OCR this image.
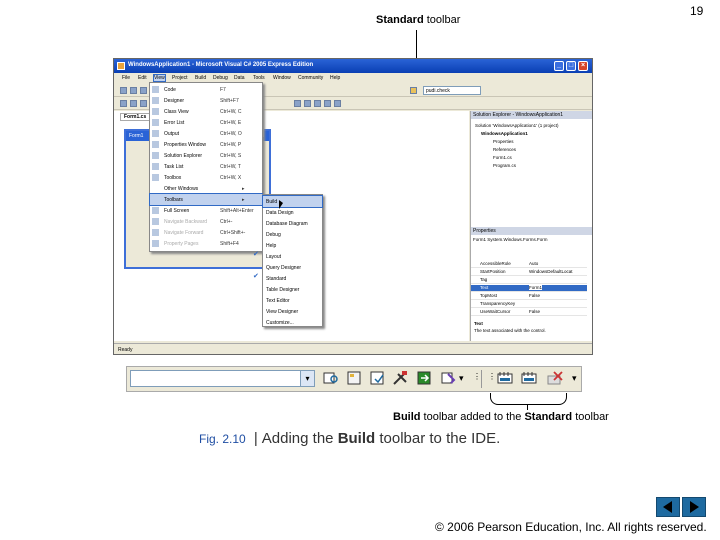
19
Standard toolbar
WindowsApplication1 - Microsoft Visual C# 2005 Express Edition	_	□	×
File Edit View Project Build Debug Data Tools Window Community Help
pudi.check
Form1.cs
Form1
Solution Explorer - WindowsApplication1
Solution 'WindowsApplication1' (1 project)
WindowsApplication1
Properties
References
Form1.cs
Program.cs
Properties
Form1 System.Windows.Forms.Form
AccessibleRole	Auto
StartPosition	WindowsDefaultLocat
Tag
Text	Form1
TopMost	False
TransparencyKey
UseWaitCursor	False
Text
The text associated with the control.
Ready
Code	F7
Designer	Shift+F7
Class View	Ctrl+W, C
Error List	Ctrl+W, E
Output	Ctrl+W, O
Properties Window	Ctrl+W, P
Solution Explorer	Ctrl+W, S
Task List	Ctrl+W, T
Toolbox	Ctrl+W, X
Other Windows	▸
Toolbars	▸
Full Screen	Shift+Alt+Enter
Navigate Backward	Ctrl+-
Navigate Forward	Ctrl+Shift+-
Property Pages	Shift+F4
Build
Data Design
Database Diagram
Debug
Help
Layout
Query Designer
Standard
Table Designer
Text Editor
View Designer
Customize...
✔
✔
▾	▾ ⋮ ⋮	▾
Build toolbar added to the Standard toolbar
Fig. 2.10 | Adding the Build toolbar to the IDE.
© 2006 Pearson Education, Inc. All rights reserved.
